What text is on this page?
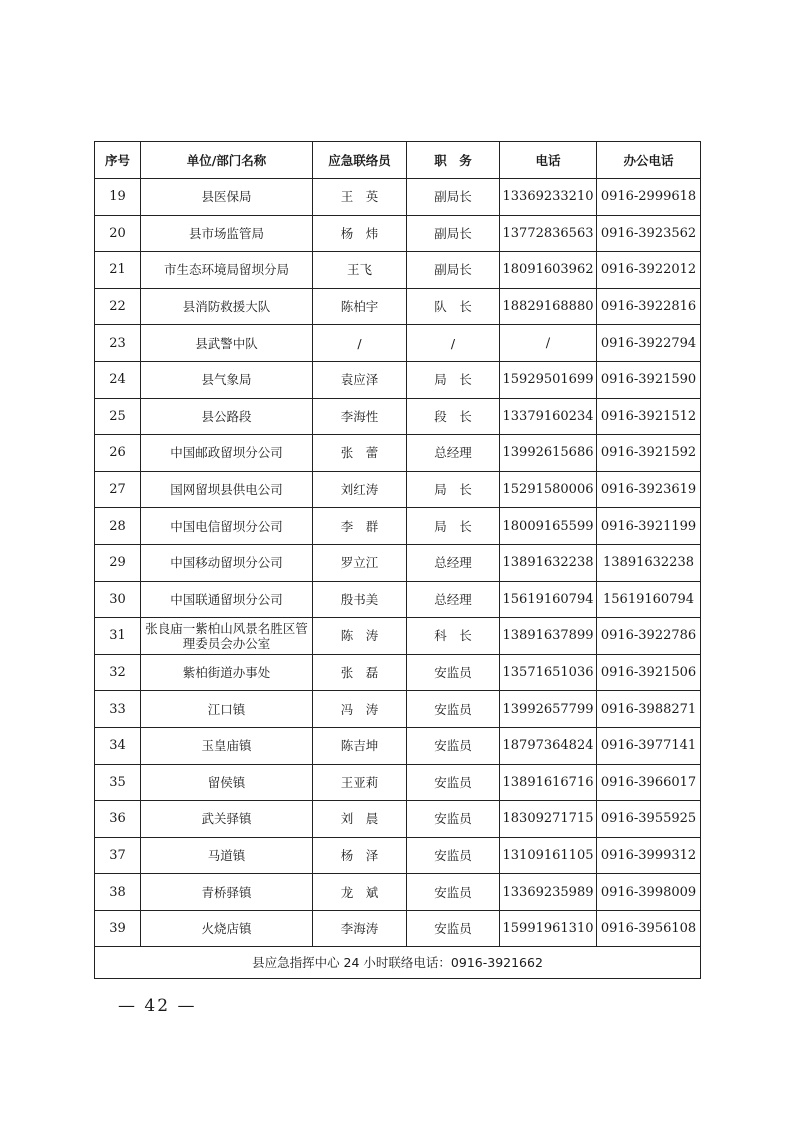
序号	单位/部门名称	应急联络员	职　务	电话	办公电话
19	县医保局	王　英	副局长	13369233210	0916-2999618
20	县市场监管局	杨　炜	副局长	13772836563	0916-3923562
21	市生态环境局留坝分局	王飞	副局长	18091603962	0916-3922012
22	县消防救援大队	陈柏宇	队　长	18829168880	0916-3922816
23	县武警中队	/	/	/	0916-3922794
24	县气象局	袁应泽	局　长	15929501699	0916-3921590
25	县公路段	李海性	段　长	13379160234	0916-3921512
26	中国邮政留坝分公司	张　蕾	总经理	13992615686	0916-3921592
27	国网留坝县供电公司	刘红涛	局　长	15291580006	0916-3923619
28	中国电信留坝分公司	李　群	局　长	18009165599	0916-3921199
29	中国移动留坝分公司	罗立江	总经理	13891632238	13891632238
30	中国联通留坝分公司	殷书美	总经理	15619160794	15619160794
31	张良庙一紫柏山风景名胜区管理委员会办公室	陈　涛	科　长	13891637899	0916-3922786
32	紫柏街道办事处	张　磊	安监员	13571651036	0916-3921506
33	江口镇	冯　涛	安监员	13992657799	0916-3988271
34	玉皇庙镇	陈吉坤	安监员	18797364824	0916-3977141
35	留侯镇	王亚莉	安监员	13891616716	0916-3966017
36	武关驿镇	刘　晨	安监员	18309271715	0916-3955925
37	马道镇	杨　泽	安监员	13109161105	0916-3999312
38	青桥驿镇	龙　斌	安监员	13369235989	0916-3998009
39	火烧店镇	李海涛	安监员	15991961310	0916-3956108
县应急指挥中心 24 小时联络电话：0916-3921662					
— 42 —
